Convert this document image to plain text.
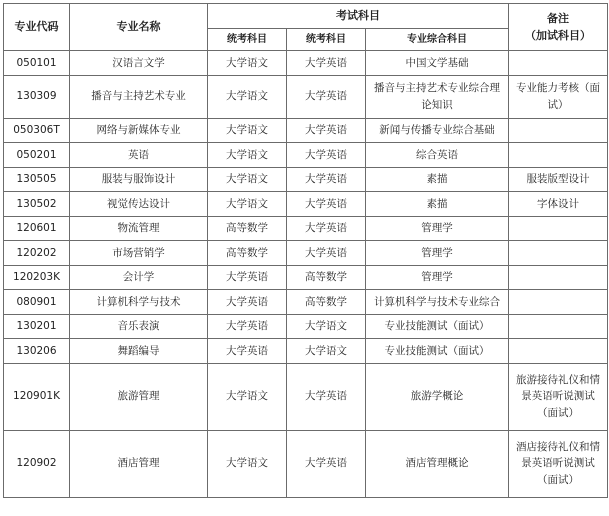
专业代码	专业名称	考试科目			备注
（加试科目）
		统考科目	统考科目	专业综合科目	
050101	汉语言文学	大学语文	大学英语	中国文学基础	
130309	播音与主持艺术专业	大学语文	大学英语	播音与主持艺术专业综合理论知识	专业能力考核（面试）
050306T	网络与新媒体专业	大学语文	大学英语	新闻与传播专业综合基础	
050201	英语	大学语文	大学英语	综合英语	
130505	服装与服饰设计	大学语文	大学英语	素描	服装版型设计
130502	视觉传达设计	大学语文	大学英语	素描	字体设计
120601	物流管理	高等数学	大学英语	管理学	
120202	市场营销学	高等数学	大学英语	管理学	
120203K	会计学	大学英语	高等数学	管理学	
080901	计算机科学与技术	大学英语	高等数学	计算机科学与技术专业综合	
130201	音乐表演	大学英语	大学语文	专业技能测试（面试）	
130206	舞蹈编导	大学英语	大学语文	专业技能测试（面试）	
120901K	旅游管理	大学语文	大学英语	旅游学概论	旅游接待礼仪和情景英语听说测试（面试）
120902	酒店管理	大学语文	大学英语	酒店管理概论	酒店接待礼仪和情景英语听说测试（面试）
